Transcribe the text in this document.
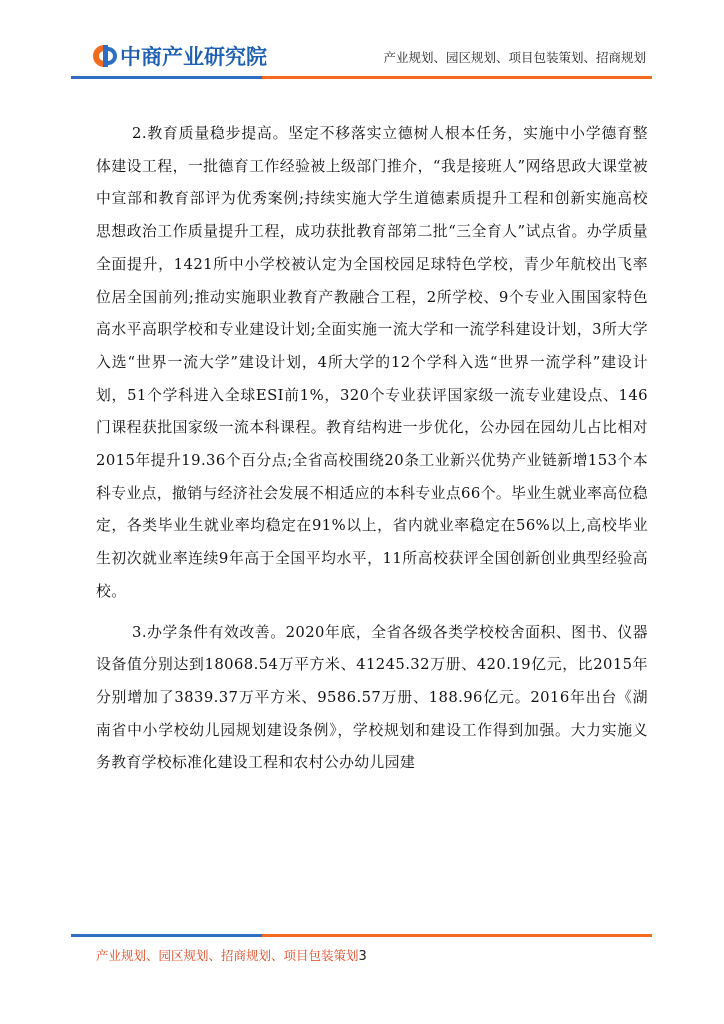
中商产业研究院	产业规划、园区规划、项目包装策划、招商规划

2.教育质量稳步提高。坚定不移落实立德树人根本任务，实施中小学德育整体建设工程，一批德育工作经验被上级部门推介，“我是接班人”网络思政大课堂被中宣部和教育部评为优秀案例;持续实施大学生道德素质提升工程和创新实施高校思想政治工作质量提升工程，成功获批教育部第二批“三全育人”试点省。办学质量全面提升，1421所中小学校被认定为全国校园足球特色学校，青少年航校出飞率位居全国前列;推动实施职业教育产教融合工程，2所学校、9个专业入围国家特色高水平高职学校和专业建设计划;全面实施一流大学和一流学科建设计划，3所大学入选“世界一流大学”建设计划，4所大学的12个学科入选“世界一流学科”建设计划，51个学科进入全球ESI前1%，320个专业获评国家级一流专业建设点、146门课程获批国家级一流本科课程。教育结构进一步优化，公办园在园幼儿占比相对2015年提升19.36个百分点;全省高校围绕20条工业新兴优势产业链新增153个本科专业点，撤销与经济社会发展不相适应的本科专业点66个。毕业生就业率高位稳定，各类毕业生就业率均稳定在91%以上，省内就业率稳定在56%以上,高校毕业生初次就业率连续9年高于全国平均水平，11所高校获评全国创新创业典型经验高校。

3.办学条件有效改善。2020年底，全省各级各类学校校舍面积、图书、仪器设备值分别达到18068.54万平方米、41245.32万册、420.19亿元，比2015年分别增加了3839.37万平方米、9586.57万册、188.96亿元。2016年出台《湖南省中小学校幼儿园规划建设条例》，学校规划和建设工作得到加强。大力实施义务教育学校标准化建设工程和农村公办幼儿园建

产业规划、园区规划、招商规划、项目包装策划3
